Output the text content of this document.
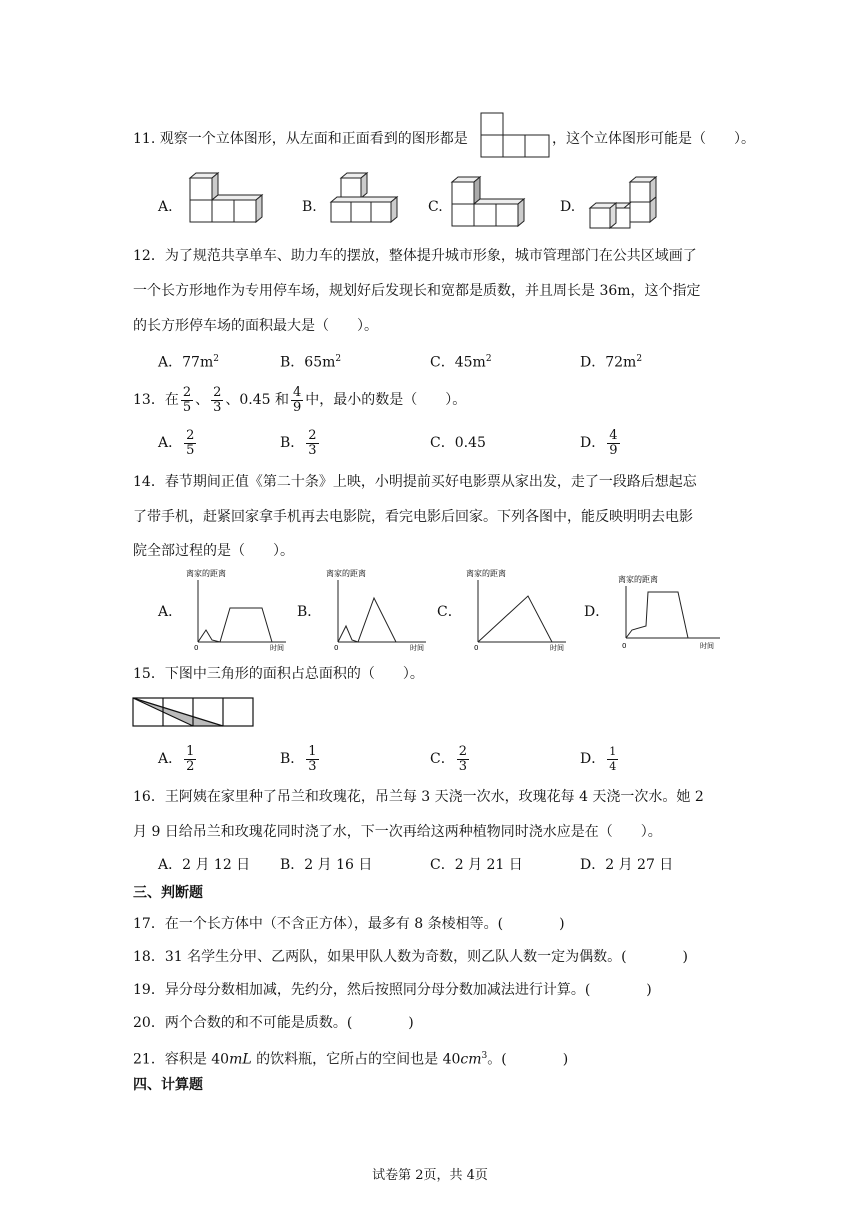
11. 观察一个立体图形，从左面和正面看到的图形都是	，这个立体图形可能是（　　）。
A.	B.	C.	D.
12．为了规范共享单车、助力车的摆放，整体提升城市形象，城市管理部门在公共区域画了
一个长方形地作为专用停车场，规划好后发现长和宽都是质数，并且周长是 36m，这个指定
的长方形停车场的面积最大是（　　）。
A．$77m^2$	B．$65m^2$	C．$45m^2$	D．$72m^2$
13．在 $\frac{2}{5}$ 、 $\frac{2}{3}$ 、0.45 和 $\frac{4}{9}$ 中，最小的数是（　　）。
A． $\frac{2}{5}$	B． $\frac{2}{3}$	C．0.45	D． $\frac{4}{9}$
14．春节期间正值《第二十条》上映，小明提前买好电影票从家出发，走了一段路后想起忘
了带手机，赶紧回家拿手机再去电影院，看完电影后回家。下列各图中，能反映明明去电影
院全部过程的是（　　）。
A．	B．	C．	D．
离家的距离
0	时间
离家的距离
0	时间
离家的距离
0	时间
离家的距离
0	时间
15．下图中三角形的面积占总面积的（　　）。
A． $\frac{1}{2}$	B． $\frac{1}{3}$	C． $\frac{2}{3}$	D． $\frac{1}{4}$
16．王阿姨在家里种了吊兰和玫瑰花，吊兰每 3 天浇一次水，玫瑰花每 4 天浇一次水。她 2
月 9 日给吊兰和玫瑰花同时浇了水，下一次再给这两种植物同时浇水应是在（　　）。
A．2 月 12 日 B．2 月 16 日	C．2 月 21 日	D．2 月 27 日
三、判断题
17．在一个长方体中（不含正方体），最多有 8 条棱相等。(　　　　)
18．31 名学生分甲、乙两队，如果甲队人数为奇数，则乙队人数一定为偶数。(　　　　)
19．异分母分数相加减，先约分，然后按照同分母分数加减法进行计算。(　　　　)
20．两个合数的和不可能是质数。(　　　　)
21．容积是 40mL 的饮料瓶，它所占的空间也是 $40cm^3$。(　　　　)
四、计算题
试卷第 2页，共 4页
